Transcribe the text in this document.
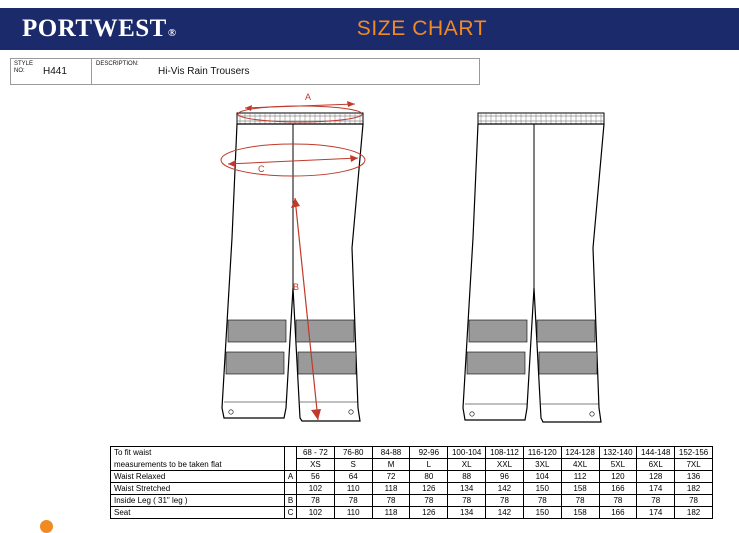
PORTWEST ®	SIZE CHART
STYLE
NO:	H441
DESCRIPTION:
Hi-Vis Rain Trousers
A
C
B
To fit waist		68 - 72	76-80	84-88	92-96	100-104	108-112	116-120	124-128	132-140	144-148	152-156
measurements to be taken flat		XS	S	M	L	XL	XXL	3XL	4XL	5XL	6XL	7XL
Waist Relaxed	A	56	64	72	80	88	96	104	112	120	128	136
Waist Stretched		102	110	118	126	134	142	150	158	166	174	182
Inside Leg ( 31" leg )	B	78	78	78	78	78	78	78	78	78	78	78
Seat	C	102	110	118	126	134	142	150	158	166	174	182
